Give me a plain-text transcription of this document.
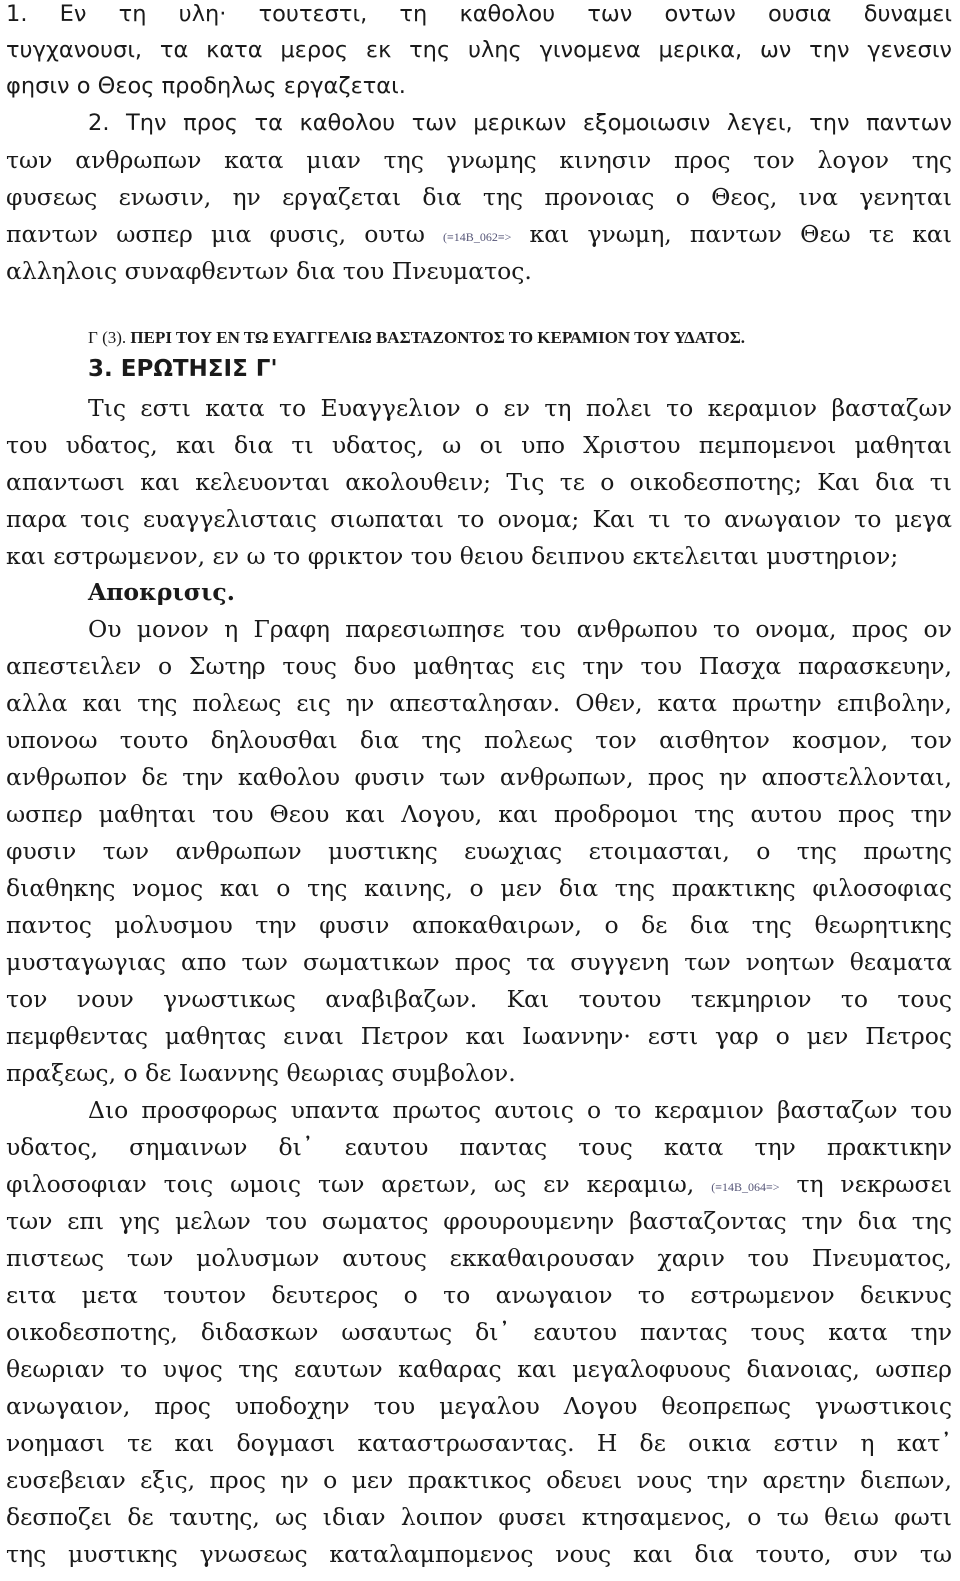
1. Εν τη υλη· τουτεστι, τη καθολου των οντων ουσια δυναμει
τυγχανουσι, τα κατα μερος εκ της υλης γινομενα μερικα, ων την γενεσιν
φησιν ο Θεος προδηλως εργαζεται.
2. Την προς τα καθολου των μερικων εξομοιωσιν λεγει, την παντων
των ανθρωπων κατα μιαν της γνωμης κινησιν προς τον λογον της
φυσεως ενωσιν, ην εργαζεται δια της προνοιας ο Θεος, ινα γενηται
παντων ωσπερ μια φυσις, ουτω (≡14B_062≡> και γνωμη, παντων Θεω τε και
αλληλοις συναφθεντων δια του Πνευματος.
Γ (3). ΠΕΡΙ ΤΟΥ ΕΝ ΤΩ ΕΥΑΓΓΕΛΙΩ ΒΑΣΤΑΖΟΝΤΟΣ ΤΟ ΚΕΡΑΜΙΟΝ ΤΟΥ ΥΔΑΤΟΣ.
3. ΕΡΩΤΗΣΙΣ Γ'
Τις εστι κατα το Ευαγγελιον ο εν τη πολει το κεραμιον βασταζων
του υδατος, και δια τι υδατος, ω οι υπο Χριστου πεμπομενοι μαθηται
απαντωσι και κελευονται ακολουθειν; Τις τε ο οικοδεσποτης; Και δια τι
παρα τοις ευαγγελισταις σιωπαται το ονομα; Και τι το ανωγαιον το μεγα
και εστρωμενον, εν ω το φρικτον του θειου δειπνου εκτελειται μυστηριον;
Αποκρισις.
Ου μονον η Γραφη παρεσιωπησε του ανθρωπου το ονομα, προς ον
απεστειλεν ο Σωτηρ τους δυο μαθητας εις την του Πασχα παρασκευην,
αλλα και της πολεως εις ην απεσταλησαν. Οθεν, κατα πρωτην επιβολην,
υπονοω τουτο δηλουσθαι δια της πολεως τον αισθητον κοσμον, τον
ανθρωπον δε την καθολου φυσιν των ανθρωπων, προς ην αποστελλονται,
ωσπερ μαθηται του Θεου και Λογου, και προδρομοι της αυτου προς την
φυσιν των ανθρωπων μυστικης ευωχιας ετοιμασται, ο της πρωτης
διαθηκης νομος και ο της καινης, ο μεν δια της πρακτικης φιλοσοφιας
παντος μολυσμου την φυσιν αποκαθαιρων, ο δε δια της θεωρητικης
μυσταγωγιας απο των σωματικων προς τα συγγενη των νοητων θεαματα
τον νουν γνωστικως αναβιβαζων. Και τουτου τεκμηριον το τους
πεμφθεντας μαθητας ειναι Πετρον και Ιωαννην· εστι γαρ ο μεν Πετρος
πραξεως, ο δε Ιωαννης θεωριας συμβολον.
Διο προσφορως υπαντα πρωτος αυτοις ο το κεραμιον βασταζων του
υδατος, σημαινων δι᾽ εαυτου παντας τους κατα την πρακτικην
φιλοσοφιαν τοις ωμοις των αρετων, ως εν κεραμιω, (≡14B_064≡> τη νεκρωσει
των επι γης μελων του σωματος φρουρουμενην βασταζοντας την δια της
πιστεως των μολυσμων αυτους εκκαθαιρουσαν χαριν του Πνευματος,
ειτα μετα τουτον δευτερος ο το ανωγαιον το εστρωμενον δεικνυς
οικοδεσποτης, διδασκων ωσαυτως δι᾽ εαυτου παντας τους κατα την
θεωριαν το υψος της εαυτων καθαρας και μεγαλοφυους διανοιας, ωσπερ
ανωγαιον, προς υποδοχην του μεγαλου Λογου θεοπρεπως γνωστικοις
νοημασι τε και δογμασι καταστρωσαντας. Η δε οικια εστιν η κατ᾽
ευσεβειαν εξις, προς ην ο μεν πρακτικος οδευει νους την αρετην διεπων,
δεσποζει δε ταυτης, ως ιδιαν λοιπον φυσει κτησαμενος, ο τω θειω φωτι
της μυστικης γνωσεως καταλαμπομενος νους και δια τουτο, συν τω
